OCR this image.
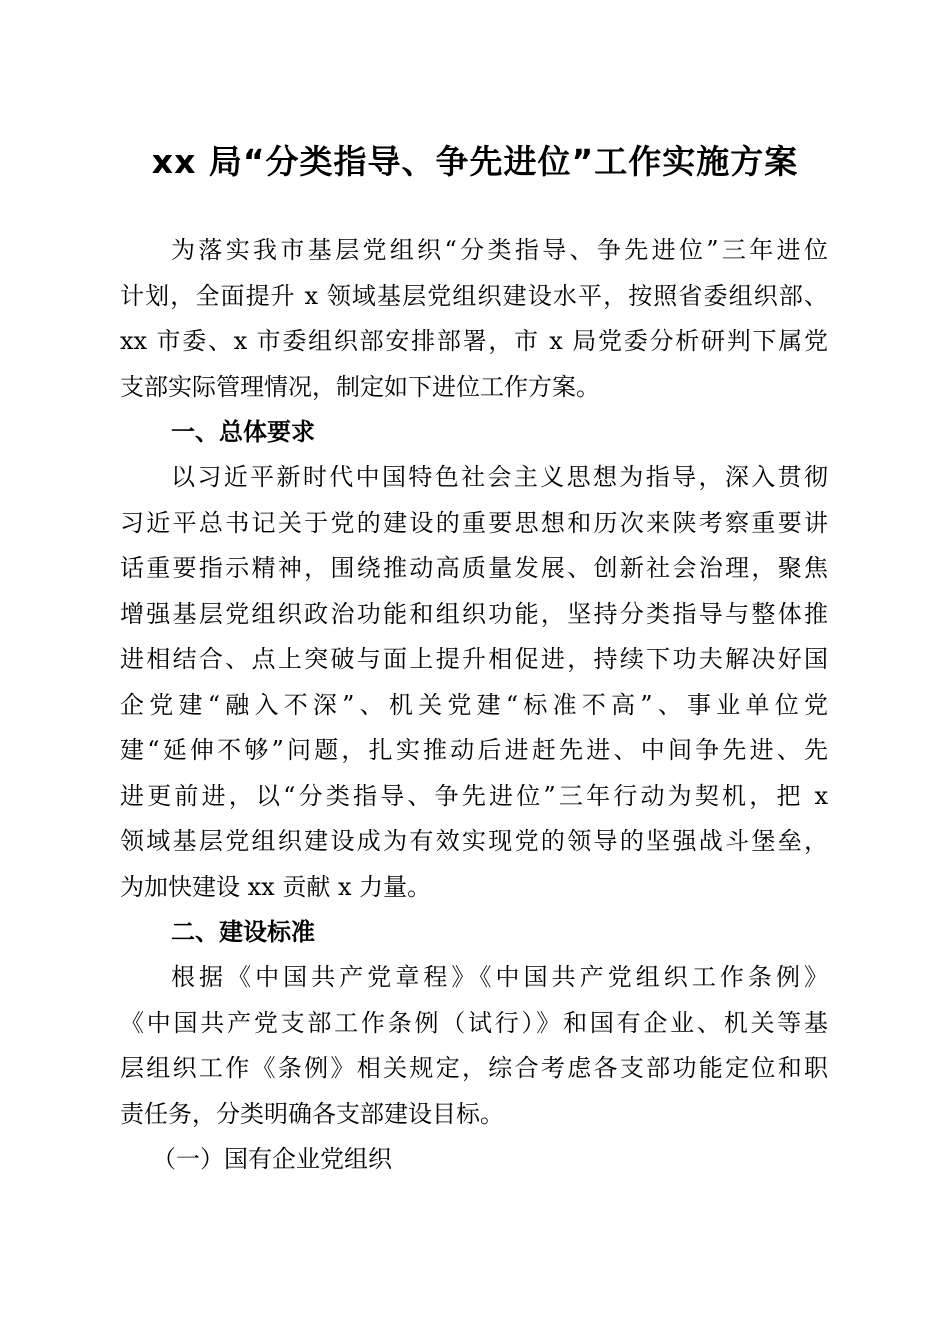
xx 局“分类指导、争先进位”工作实施方案
为落实我市基层党组织“分类指导、争先进位”三年进位
计划，全面提升 x 领域基层党组织建设水平，按照省委组织部、
xx 市委、x 市委组织部安排部署，市 x 局党委分析研判下属党
支部实际管理情况，制定如下进位工作方案。
一、总体要求
以习近平新时代中国特色社会主义思想为指导，深入贯彻
习近平总书记关于党的建设的重要思想和历次来陕考察重要讲
话重要指示精神，围绕推动高质量发展、创新社会治理，聚焦
增强基层党组织政治功能和组织功能，坚持分类指导与整体推
进相结合、点上突破与面上提升相促进，持续下功夫解决好国
企党建“融入不深”、机关党建“标准不高”、事业单位党
建“延伸不够”问题，扎实推动后进赶先进、中间争先进、先
进更前进，以“分类指导、争先进位”三年行动为契机，把 x
领域基层党组织建设成为有效实现党的领导的坚强战斗堡垒，
为加快建设 xx 贡献 x 力量。
二、建设标准
根据《中国共产党章程》《中国共产党组织工作条例》
《中国共产党支部工作条例（试行）》和国有企业、机关等基
层组织工作《条例》相关规定，综合考虑各支部功能定位和职
责任务，分类明确各支部建设目标。
（一）国有企业党组织
